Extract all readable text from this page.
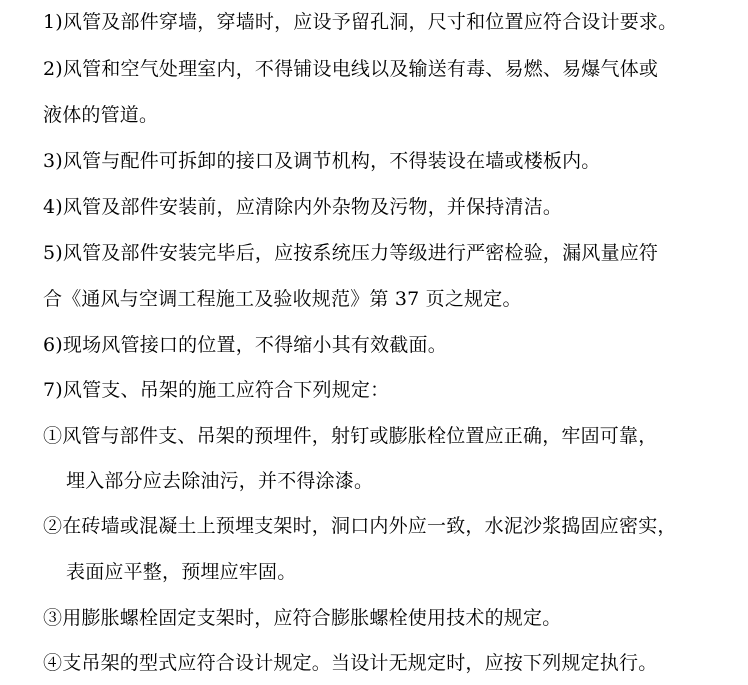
1)风管及部件穿墙，穿墙时，应设予留孔洞，尺寸和位置应符合设计要求。
2)风管和空气处理室内，不得铺设电线以及输送有毒、易燃、易爆气体或
液体的管道。
3)风管与配件可拆卸的接口及调节机构，不得装设在墙或楼板内。
4)风管及部件安装前，应清除内外杂物及污物，并保持清洁。
5)风管及部件安装完毕后，应按系统压力等级进行严密检验，漏风量应符
合《通风与空调工程施工及验收规范》第 37 页之规定。
6)现场风管接口的位置，不得缩小其有效截面。
7)风管支、吊架的施工应符合下列规定：
①风管与部件支、吊架的预埋件，射钉或膨胀栓位置应正确，牢固可靠，
埋入部分应去除油污，并不得涂漆。
②在砖墙或混凝土上预埋支架时，洞口内外应一致，水泥沙浆捣固应密实，
表面应平整，预埋应牢固。
③用膨胀螺栓固定支架时，应符合膨胀螺栓使用技术的规定。
④支吊架的型式应符合设计规定。当设计无规定时，应按下列规定执行。
